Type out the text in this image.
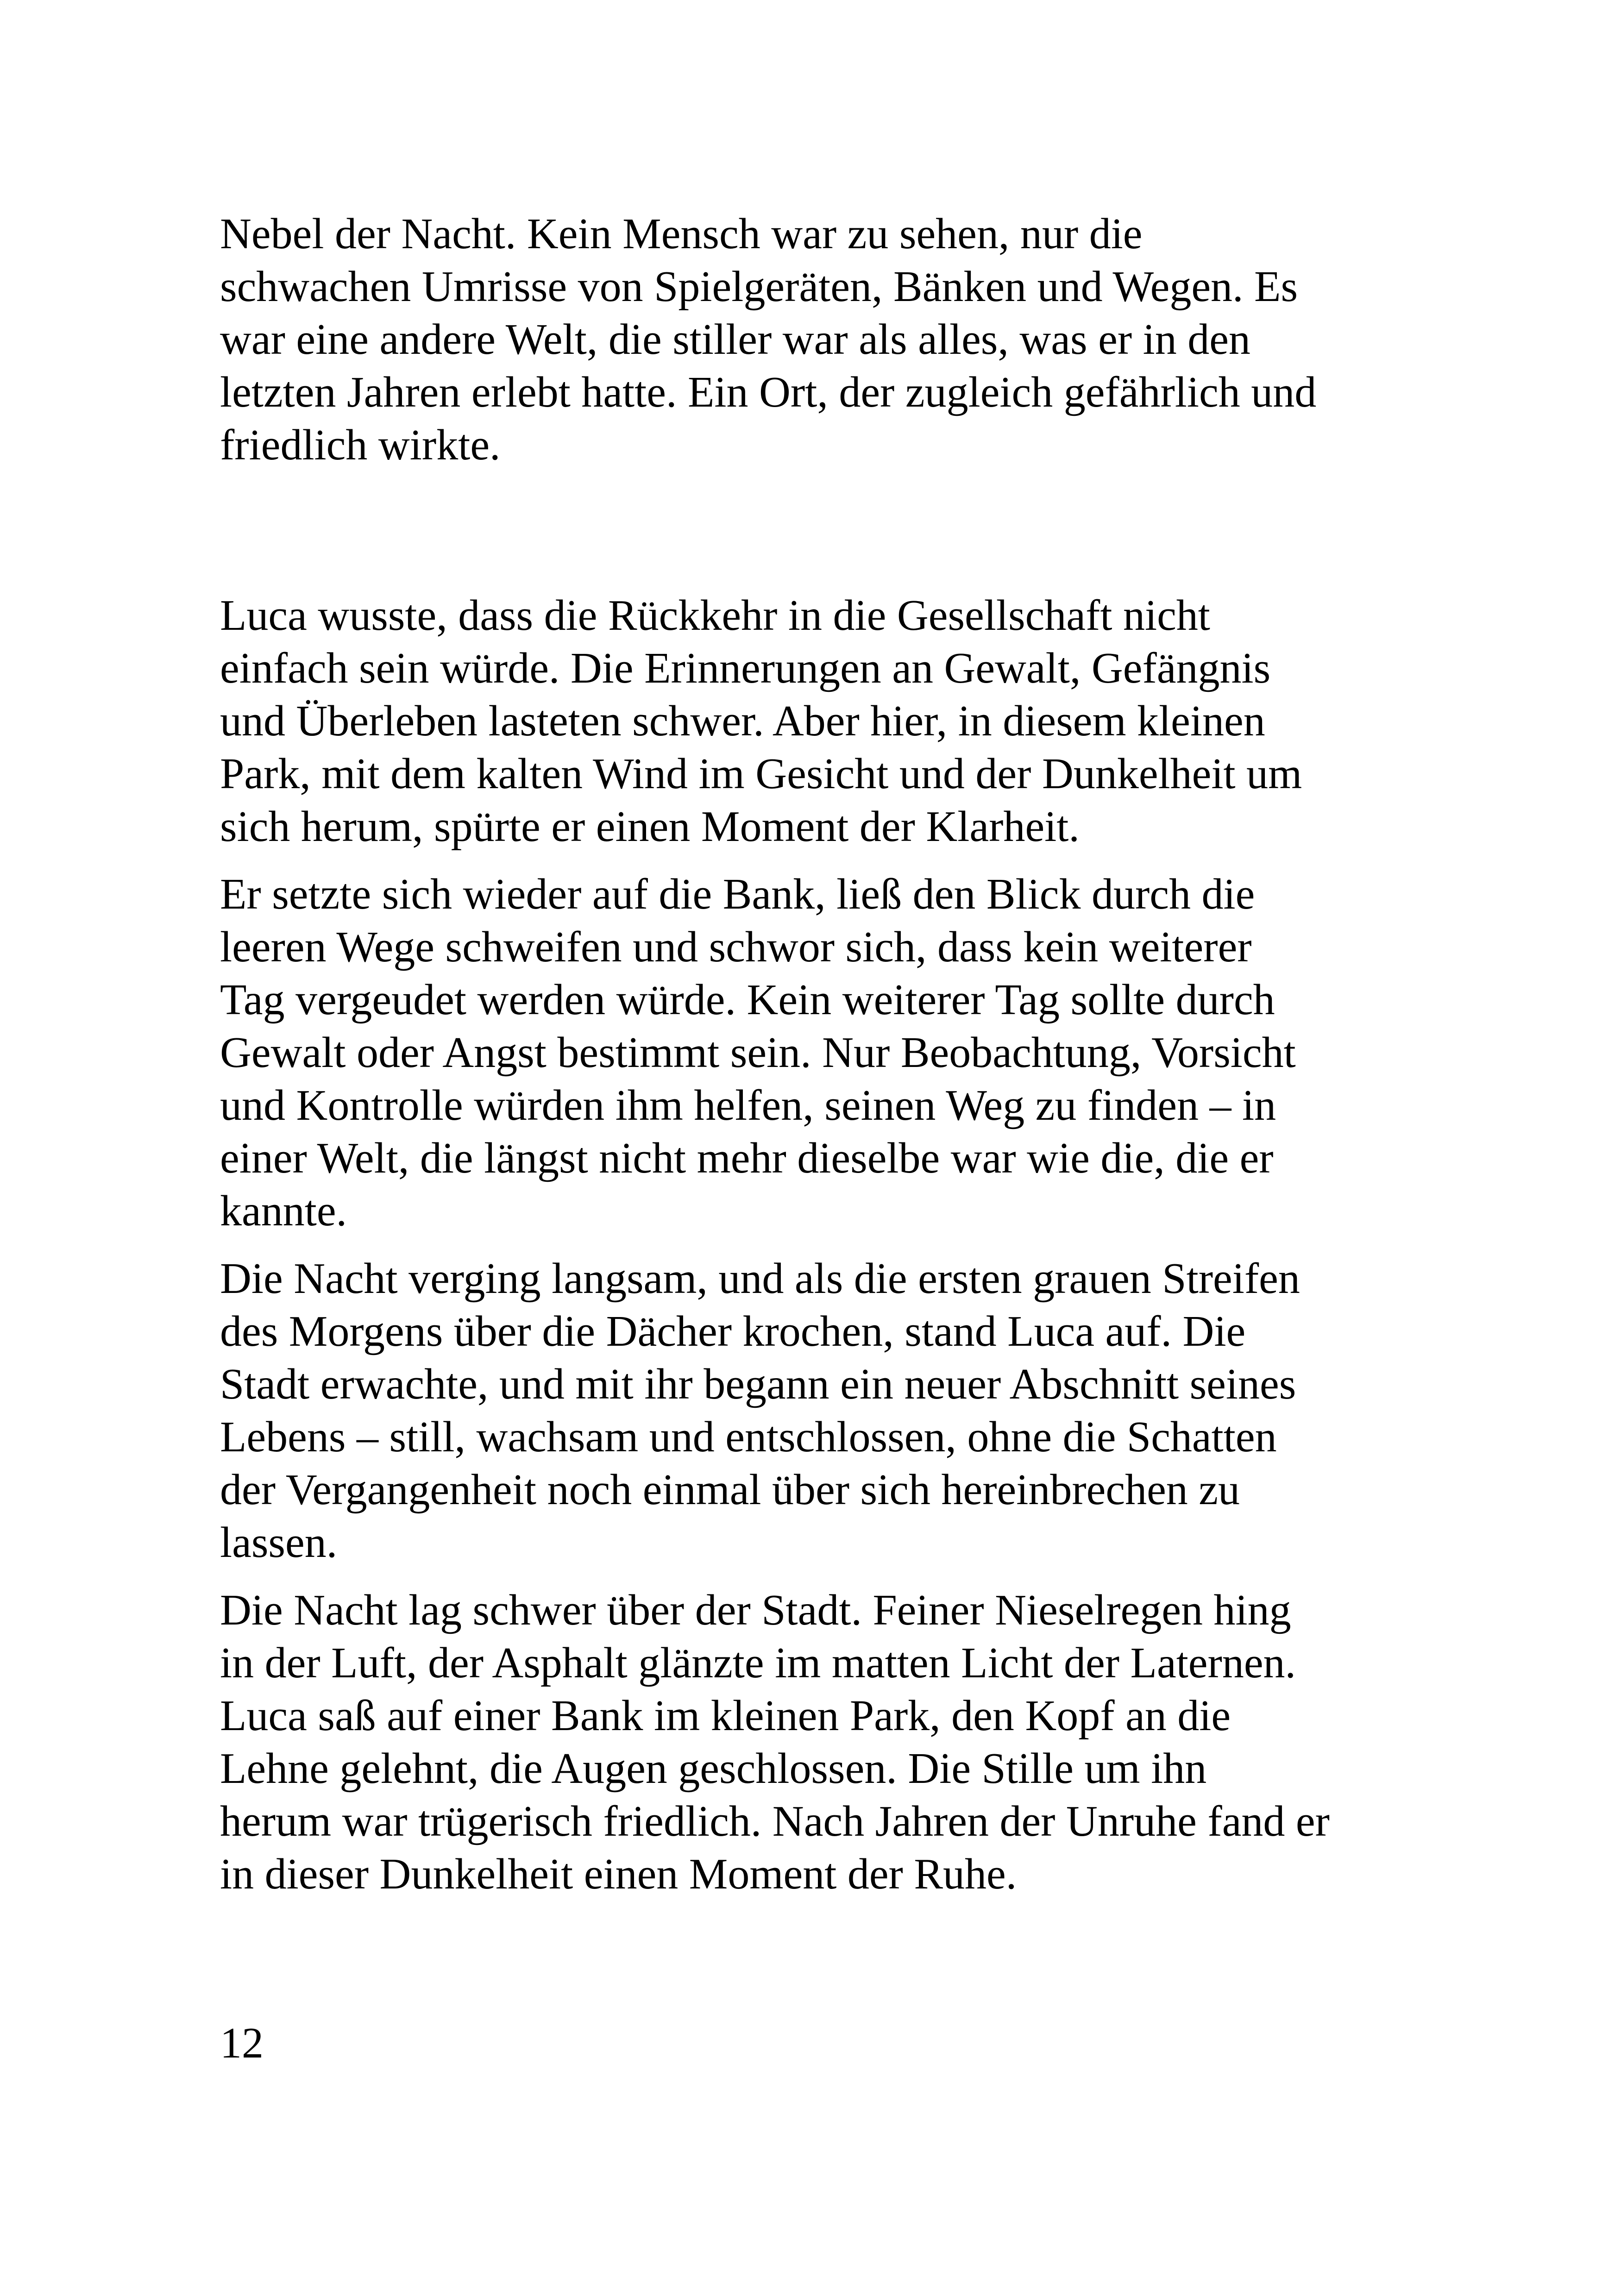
Nebel der Nacht. Kein Mensch war zu sehen, nur die
schwachen Umrisse von Spielgeräten, Bänken und Wegen. Es
war eine andere Welt, die stiller war als alles, was er in den
letzten Jahren erlebt hatte. Ein Ort, der zugleich gefährlich und
friedlich wirkte.

Luca wusste, dass die Rückkehr in die Gesellschaft nicht
einfach sein würde. Die Erinnerungen an Gewalt, Gefängnis
und Überleben lasteten schwer. Aber hier, in diesem kleinen
Park, mit dem kalten Wind im Gesicht und der Dunkelheit um
sich herum, spürte er einen Moment der Klarheit.

Er setzte sich wieder auf die Bank, ließ den Blick durch die
leeren Wege schweifen und schwor sich, dass kein weiterer
Tag vergeudet werden würde. Kein weiterer Tag sollte durch
Gewalt oder Angst bestimmt sein. Nur Beobachtung, Vorsicht
und Kontrolle würden ihm helfen, seinen Weg zu finden – in
einer Welt, die längst nicht mehr dieselbe war wie die, die er
kannte.

Die Nacht verging langsam, und als die ersten grauen Streifen
des Morgens über die Dächer krochen, stand Luca auf. Die
Stadt erwachte, und mit ihr begann ein neuer Abschnitt seines
Lebens – still, wachsam und entschlossen, ohne die Schatten
der Vergangenheit noch einmal über sich hereinbrechen zu
lassen.

Die Nacht lag schwer über der Stadt. Feiner Nieselregen hing
in der Luft, der Asphalt glänzte im matten Licht der Laternen.
Luca saß auf einer Bank im kleinen Park, den Kopf an die
Lehne gelehnt, die Augen geschlossen. Die Stille um ihn
herum war trügerisch friedlich. Nach Jahren der Unruhe fand er
in dieser Dunkelheit einen Moment der Ruhe.

12
